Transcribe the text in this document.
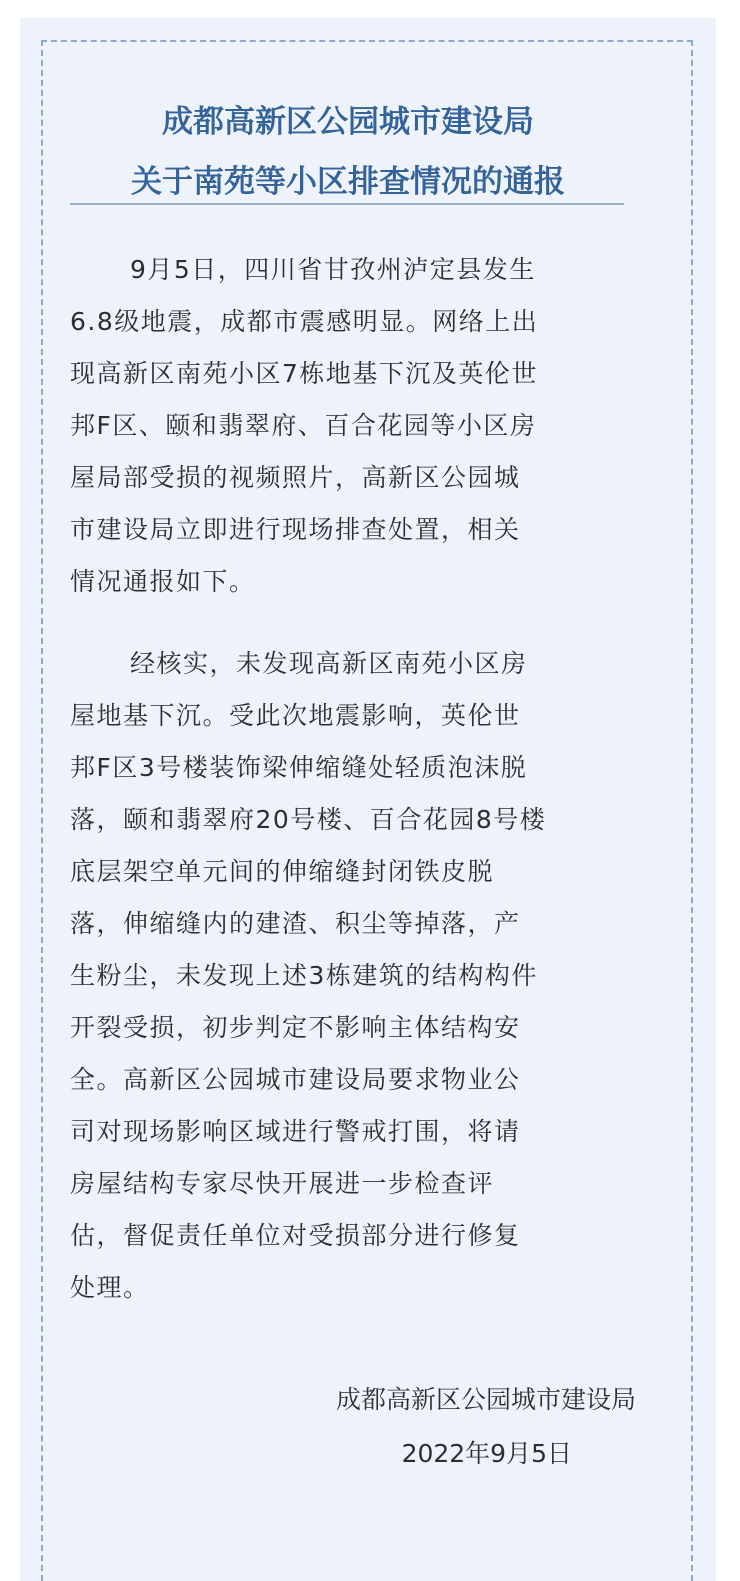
成都高新区公园城市建设局
关于南苑等小区排查情况的通报
9月5日，四川省甘孜州泸定县发生
6.8级地震，成都市震感明显。网络上出
现高新区南苑小区7栋地基下沉及英伦世
邦F区、颐和翡翠府、百合花园等小区房
屋局部受损的视频照片，高新区公园城
市建设局立即进行现场排查处置，相关
情况通报如下。
经核实，未发现高新区南苑小区房
屋地基下沉。受此次地震影响，英伦世
邦F区3号楼装饰梁伸缩缝处轻质泡沫脱
落，颐和翡翠府20号楼、百合花园8号楼
底层架空单元间的伸缩缝封闭铁皮脱
落，伸缩缝内的建渣、积尘等掉落，产
生粉尘，未发现上述3栋建筑的结构构件
开裂受损，初步判定不影响主体结构安
全。高新区公园城市建设局要求物业公
司对现场影响区域进行警戒打围，将请
房屋结构专家尽快开展进一步检查评
估，督促责任单位对受损部分进行修复
处理。
成都高新区公园城市建设局
2022年9月5日
